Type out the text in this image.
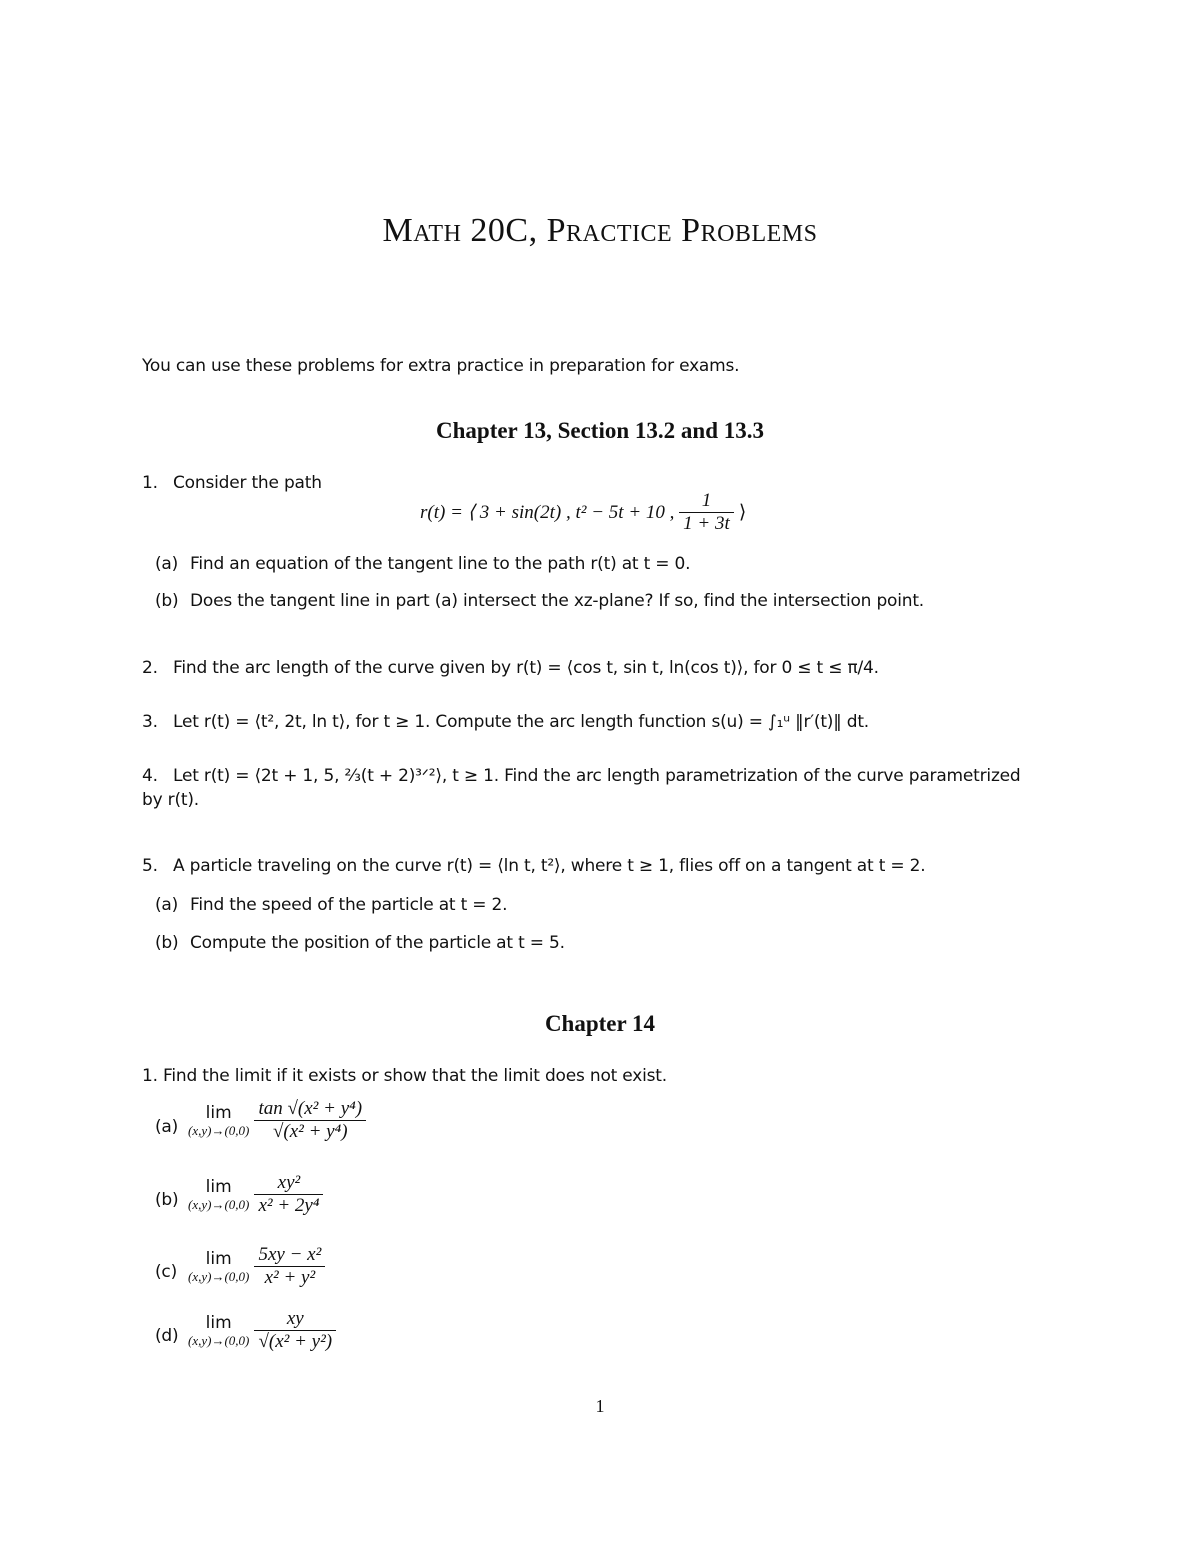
Math 20C, Practice Problems
You can use these problems for extra practice in preparation for exams.
Chapter 13, Section 13.2 and 13.3
1. Consider the path
r(t) = ⟨ 3 + sin(2t) , t² − 5t + 10 , $\frac{1}{1 + 3t}$ ⟩
(a) Find an equation of the tangent line to the path r(t) at t = 0.
(b) Does the tangent line in part (a) intersect the xz-plane? If so, find the intersection point.
2. Find the arc length of the curve given by r(t) = ⟨cos t, sin t, ln(cos t)⟩, for 0 ≤ t ≤ π/4.
3. Let r(t) = ⟨t², 2t, ln t⟩, for t ≥ 1. Compute the arc length function s(u) = ∫₁ᵘ ‖r′(t)‖ dt.
4. Let r(t) = ⟨2t + 1, 5, ⅔(t + 2)³ᐟ²⟩, t ≥ 1. Find the arc length parametrization of the curve parametrized
by r(t).
5. A particle traveling on the curve r(t) = ⟨ln t, t²⟩, where t ≥ 1, flies off on a tangent at t = 2.
(a) Find the speed of the particle at t = 2.
(b) Compute the position of the particle at t = 5.
Chapter 14
1. Find the limit if it exists or show that the limit does not exist.
(a)
lim
(x,y)→(0,0)
$\frac{\text{tan √(x² + y⁴)}}{\text{√(x² + y⁴)}}$
(b)
lim
(x,y)→(0,0)
$\frac{\text{xy²}}{\text{x² + 2y⁴}}$
(c)
lim
(x,y)→(0,0)
$\frac{\text{5xy − x²}}{\text{x² + y²}}$
(d)
lim
(x,y)→(0,0)
$\frac{xy}{\text{√(x² + y²)}}$
1
